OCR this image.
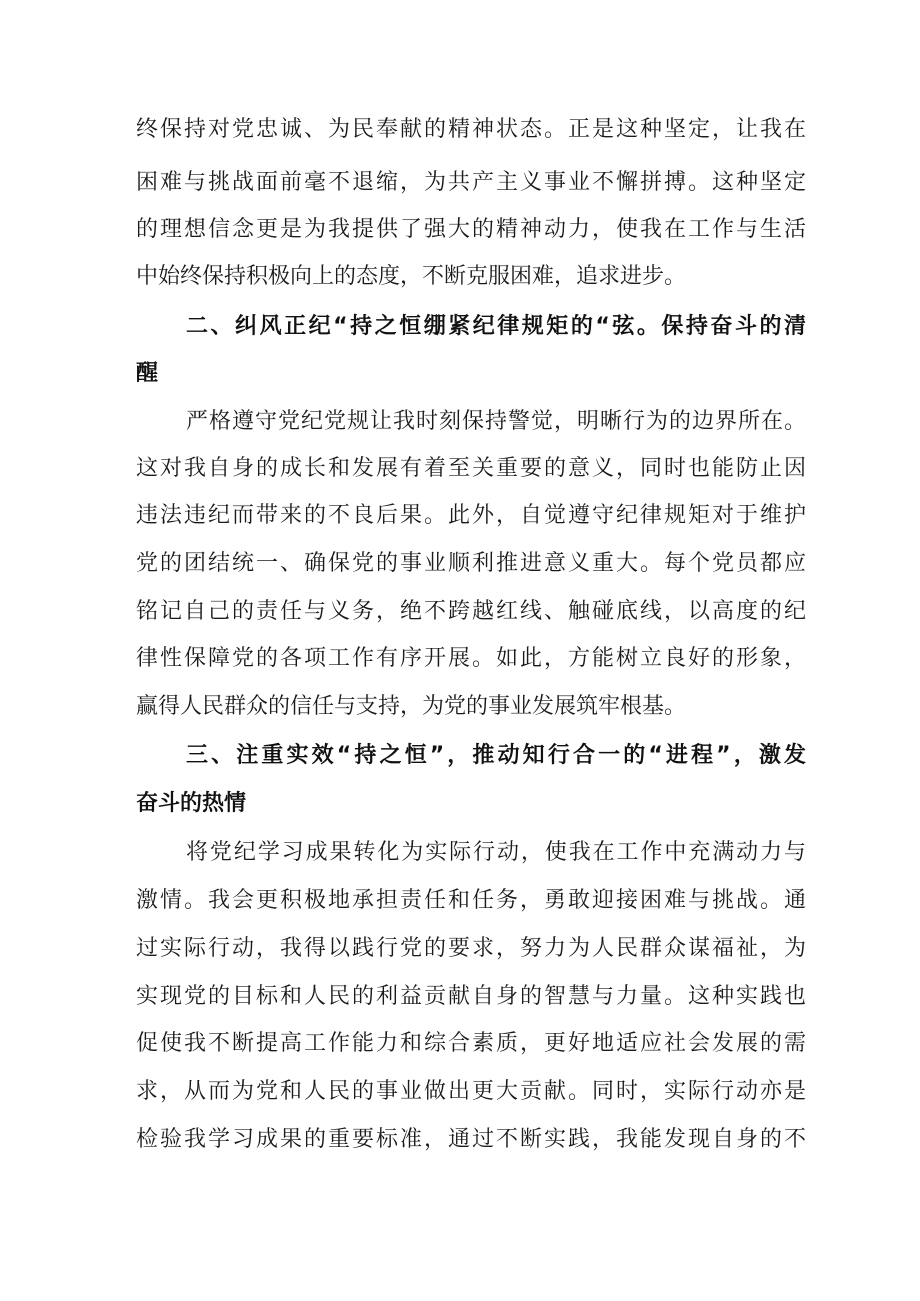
终保持对党忠诚、为民奉献的精神状态。正是这种坚定，让我在
困难与挑战面前毫不退缩，为共产主义事业不懈拼搏。这种坚定
的理想信念更是为我提供了强大的精神动力，使我在工作与生活
中始终保持积极向上的态度，不断克服困难，追求进步。
二、纠风正纪“持之恒绷紧纪律规矩的“弦。保持奋斗的清
醒
严格遵守党纪党规让我时刻保持警觉，明晰行为的边界所在。
这对我自身的成长和发展有着至关重要的意义，同时也能防止因
违法违纪而带来的不良后果。此外，自觉遵守纪律规矩对于维护
党的团结统一、确保党的事业顺利推进意义重大。每个党员都应
铭记自己的责任与义务，绝不跨越红线、触碰底线，以高度的纪
律性保障党的各项工作有序开展。如此，方能树立良好的形象，
赢得人民群众的信任与支持，为党的事业发展筑牢根基。
三、注重实效“持之恒”，推动知行合一的“进程”，激发
奋斗的热情
将党纪学习成果转化为实际行动，使我在工作中充满动力与
激情。我会更积极地承担责任和任务，勇敢迎接困难与挑战。通
过实际行动，我得以践行党的要求，努力为人民群众谋福祉，为
实现党的目标和人民的利益贡献自身的智慧与力量。这种实践也
促使我不断提高工作能力和综合素质，更好地适应社会发展的需
求，从而为党和人民的事业做出更大贡献。同时，实际行动亦是
检验我学习成果的重要标准，通过不断实践，我能发现自身的不
